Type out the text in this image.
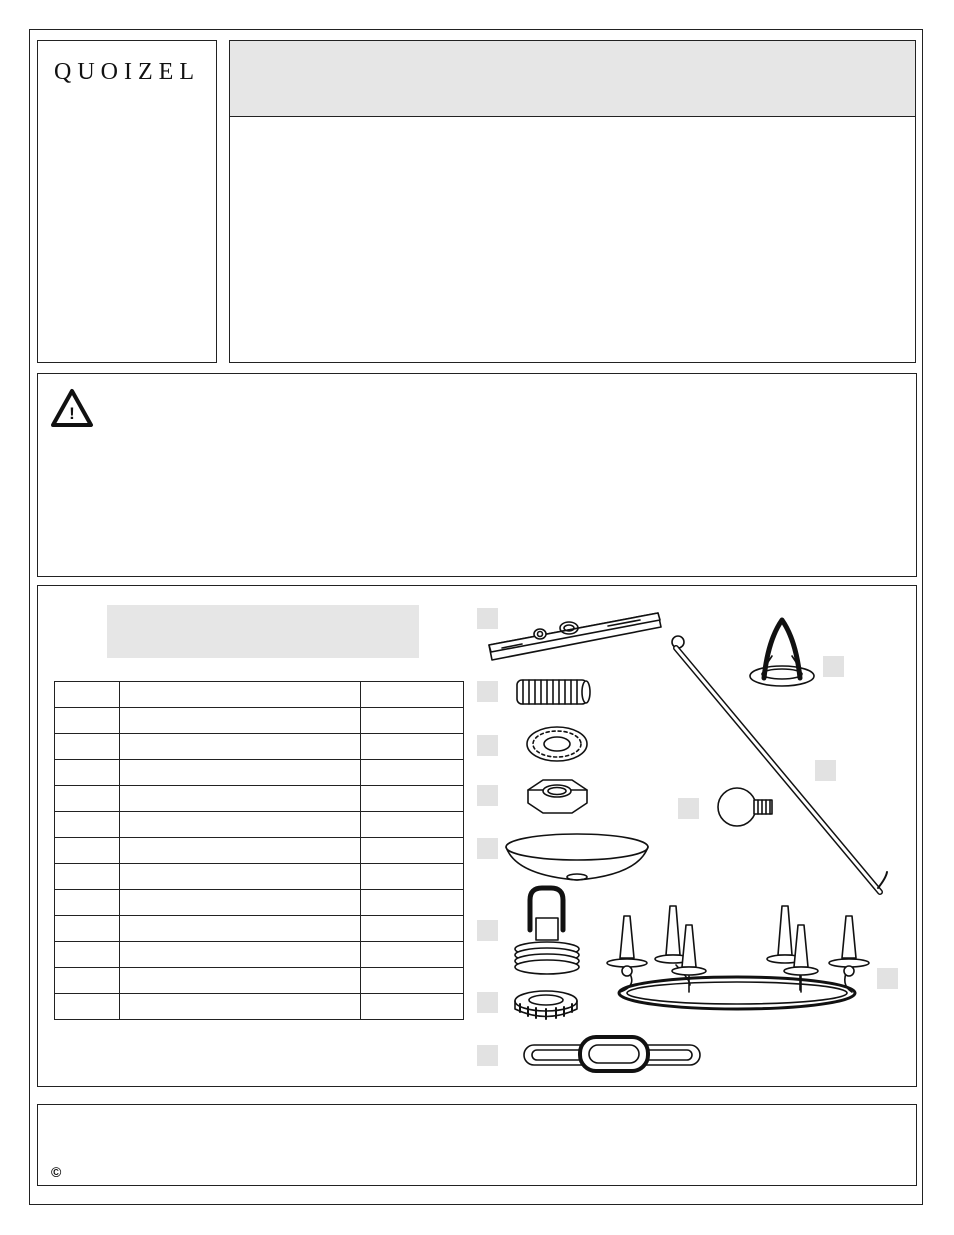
QUOIZEL
!

©
